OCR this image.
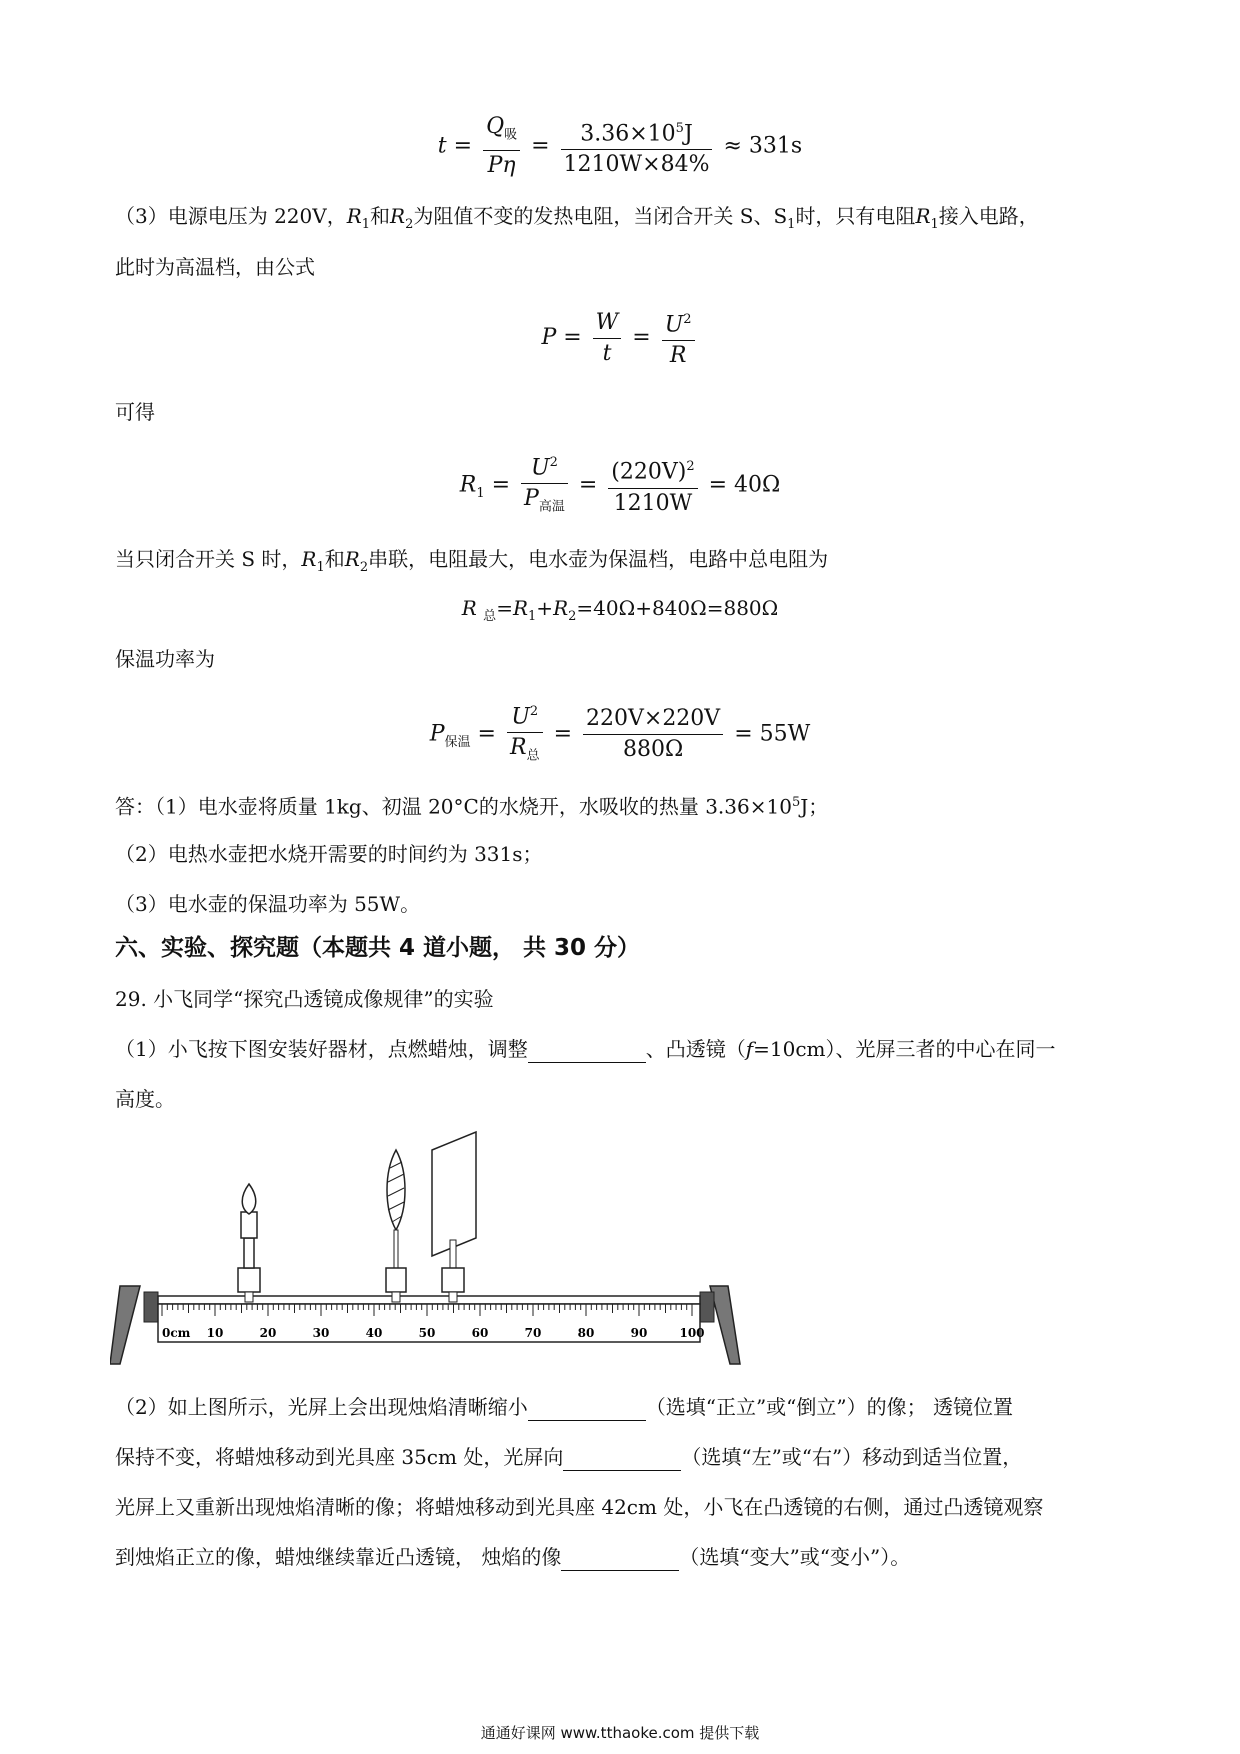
$t = \frac{Q_吸}{P\eta} = \frac{3.36\times 10^5J}{1210W\times 84\%} \approx 331s$
（3）电源电压为 220V，$R_1$和$R_2$为阻值不变的发热电阻，当闭合开关 S、$S_1$时，只有电阻$R_1$接入电路，
此时为高温档，由公式
$P = \frac{W}{t} = \frac{U^2}{R}$
可得
$R_1 = \frac{U^2}{P_{高温}} = \frac{(220V)^2}{1210W} = 40\Omega$
当只闭合开关 S 时，$R_1$和$R_2$串联，电阻最大，电水壶为保温档，电路中总电阻为
R $_总=R_1+R_2=40\Omega+840\Omega=880\Omega$
保温功率为
$P_{保温} = \frac{U^2}{R_总} = \frac{220V\times 220V}{880\Omega} = 55W$
答：（1）电水壶将质量 1kg、初温 20°C的水烧开，水吸收的热量 $3.36\times 10^5J$；
（2）电热水壶把水烧开需要的时间约为 331s；
（3）电水壶的保温功率为 55W。
六、实验、探究题（本题共 4 道小题， 共 30 分）
29. 小飞同学“探究凸透镜成像规律”的实验
（1）小飞按下图安装好器材，点燃蜡烛，调整	、凸透镜（f=10cm）、光屏三者的中心在同一
高度。
10	20	30	40	50	60	70	80	90	100
0cm
（2）如上图所示，光屏上会出现烛焰清晰缩小	（选填“正立”或“倒立”）的像； 透镜位置
保持不变，将蜡烛移动到光具座 35cm 处，光屏向	（选填“左”或“右”）移动到适当位置，
光屏上又重新出现烛焰清晰的像；将蜡烛移动到光具座 42cm 处，小飞在凸透镜的右侧，通过凸透镜观察
到烛焰正立的像，蜡烛继续靠近凸透镜， 烛焰的像	（选填“变大”或“变小”）。
通通好课网 www.tthaoke.com 提供下载
